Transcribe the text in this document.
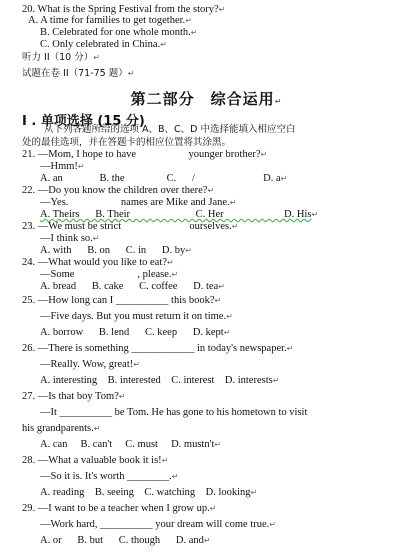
20. What is the Spring Festival from the story?↵
A. A time for families to get together.↵
B. Celebrated for one whole month.↵
C. Only celebrated in China.↵
听力 II（10 分）↵
试题在卷 II（71-75 题）↵
第二部分　综合运用↵
I . 单项选择 (15 分)
从下列各题所给的选项 A、B、C、D 中选择能填入相应空白
处的最佳选项，并在答题卡的相应位置将其涂黑。
21. —Mom, I hope to have                    younger brother?↵
—Hmm!↵
A. an              B. the                C.      /                          D. a↵
22. —Do you know the children over there?↵
—Yes.                    names are Mike and Jane.↵
A. Theirs      B. Their                         C. Her                       D. His↵
23. —We must be strict                          ourselves.↵
—I think so.↵
A. with      B. on      C. in      D. by↵
24. —What would you like to eat?↵
—Some                        , please.↵
A. bread      B. cake      C. coffee      D. tea↵
25. —How long can I __________ this book?↵
—Five days. But you must return it on time.↵
A. borrow      B. lend      C. keep      D. kept↵
26. —There is something ____________ in today's newspaper.↵
—Really. Wow, great!↵
A. interesting    B. interested    C. interest    D. interests↵
27. —Is that boy Tom?↵
—It __________ be Tom. He has gone to his hometown to visit
his grandparents.↵
A. can     B. can't     C. must     D. mustn't↵
28. —What a valuable book it is!↵
—So it is. It's worth ________.↵
A. reading    B. seeing    C. watching    D. looking↵
29. —I want to be a teacher when I grow up.↵
—Work hard, __________ your dream will come true.↵
A. or      B. but      C. though      D. and↵
